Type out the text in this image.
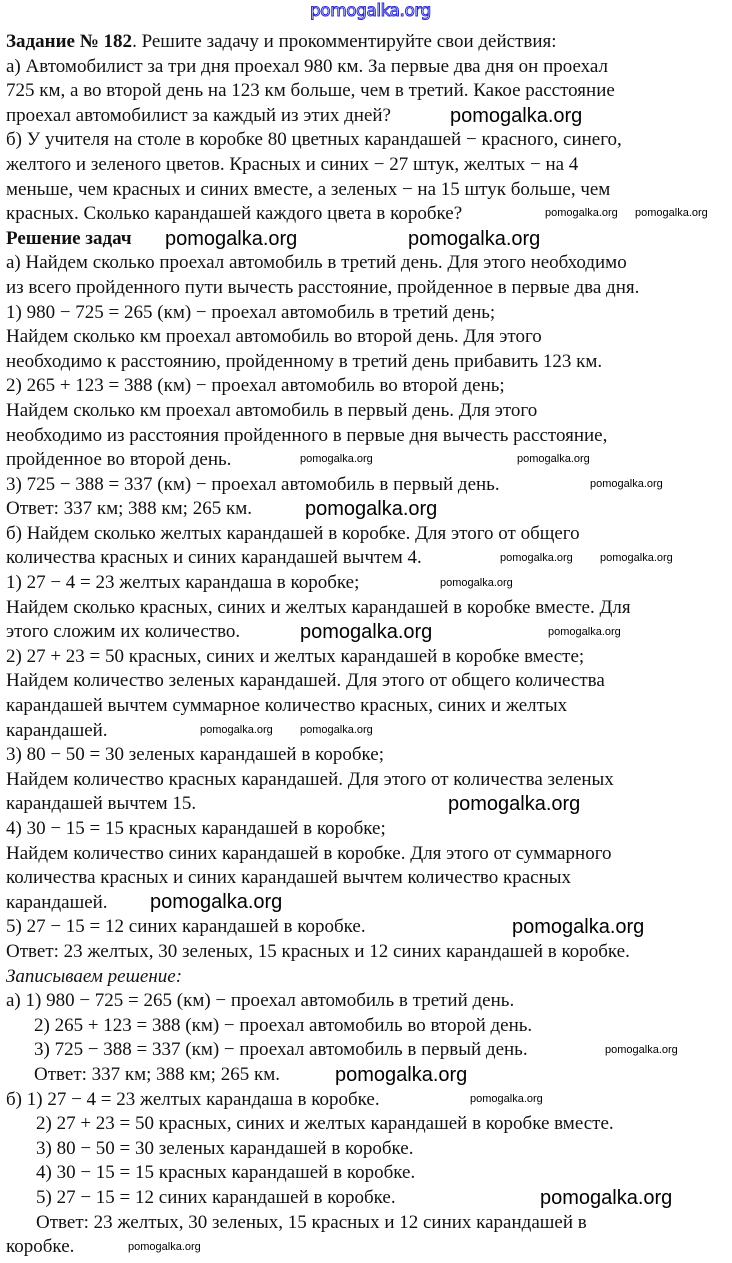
Задание № 182. Решите задачу и прокомментируйте свои действия:
а) Автомобилист за три дня проехал 980 км. За первые два дня он проехал
725 км, а во второй день на 123 км больше, чем в третий. Какое расстояние
проехал автомобилист за каждый из этих дней?
б) У учителя на столе в коробке 80 цветных карандашей − красного, синего,
желтого и зеленого цветов. Красных и синих − 27 штук, желтых − на 4
меньше, чем красных и синих вместе, а зеленых − на 15 штук больше, чем
красных. Сколько карандашей каждого цвета в коробке?
Решение задач
а) Найдем сколько проехал автомобиль в третий день. Для этого необходимо
из всего пройденного пути вычесть расстояние, пройденное в первые два дня.
1) 980 − 725 = 265 (км) − проехал автомобиль в третий день;
Найдем сколько км проехал автомобиль во второй день. Для этого
необходимо к расстоянию, пройденному в третий день прибавить 123 км.
2) 265 + 123 = 388 (км) − проехал автомобиль во второй день;
Найдем сколько км проехал автомобиль в первый день. Для этого
необходимо из расстояния пройденного в первые дня вычесть расстояние,
пройденное во второй день.
3) 725 − 388 = 337 (км) − проехал автомобиль в первый день.
Ответ: 337 км; 388 км; 265 км.
б) Найдем сколько желтых карандашей в коробке. Для этого от общего
количества красных и синих карандашей вычтем 4.
1) 27 − 4 = 23 желтых карандаша в коробке;
Найдем сколько красных, синих и желтых карандашей в коробке вместе. Для
этого сложим их количество.
2) 27 + 23 = 50 красных, синих и желтых карандашей в коробке вместе;
Найдем количество зеленых карандашей. Для этого от общего количества
карандашей вычтем суммарное количество красных, синих и желтых
карандашей.
3) 80 − 50 = 30 зеленых карандашей в коробке;
Найдем количество красных карандашей. Для этого от количества зеленых
карандашей вычтем 15.
4) 30 − 15 = 15 красных карандашей в коробке;
Найдем количество синих карандашей в коробке. Для этого от суммарного
количества красных и синих карандашей вычтем количество красных
карандашей.
5) 27 − 15 = 12 синих карандашей в коробке.
Ответ: 23 желтых, 30 зеленых, 15 красных и 12 синих карандашей в коробке.
Записываем решение:
а) 1) 980 − 725 = 265 (км) − проехал автомобиль в третий день.
2) 265 + 123 = 388 (км) − проехал автомобиль во второй день.
3) 725 − 388 = 337 (км) − проехал автомобиль в первый день.
Ответ: 337 км; 388 км; 265 км.
б) 1) 27 − 4 = 23 желтых карандаша в коробке.
2) 27 + 23 = 50 красных, синих и желтых карандашей в коробке вместе.
3) 80 − 50 = 30 зеленых карандашей в коробке.
4) 30 − 15 = 15 красных карандашей в коробке.
5) 27 − 15 = 12 синих карандашей в коробке.
Ответ: 23 желтых, 30 зеленых, 15 красных и 12 синих карандашей в
коробке.
pomogalka.org
pomogalka.org
pomogalka.org pomogalka.org
pomogalka.org	pomogalka.org
pomogalka.org	pomogalka.org
pomogalka.org
pomogalka.org
pomogalka.org pomogalka.org
pomogalka.org
pomogalka.org	pomogalka.org
pomogalka.org pomogalka.org
pomogalka.org
pomogalka.org
pomogalka.org
pomogalka.org
pomogalka.org
pomogalka.org
pomogalka.org
pomogalka.org
